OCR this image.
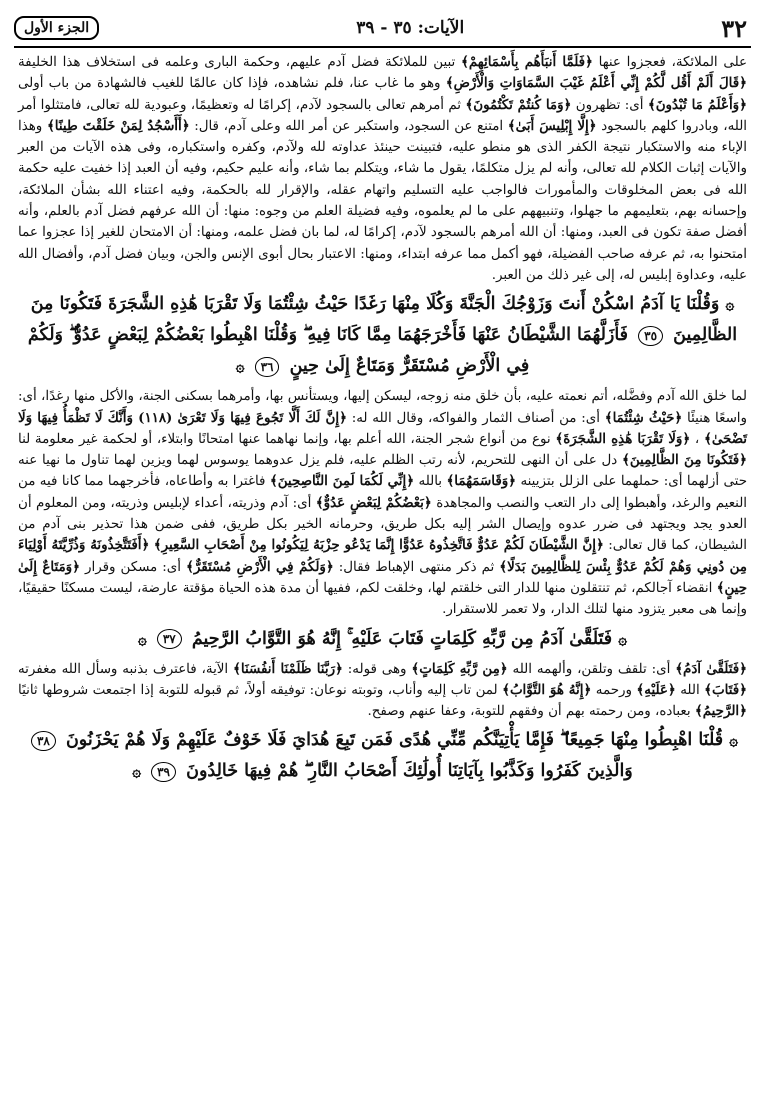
٣٢
الآيات: ٣٥ - ٣٩
الجزء الأول
على الملائكة، فعجزوا عنها ﴿فَلَمَّا أَنبَأَهُم بِأَسْمَائِهِمْ﴾ تبين للملائكة فضل آدم عليهم، وحكمة البارى وعلمه فى استخلاف هذا الخليفة ﴿قَالَ أَلَمْ أَقُل لَّكُمْ إِنِّي أَعْلَمُ غَيْبَ السَّمَاوَاتِ وَالْأَرْضِ﴾ وهو ما غاب عنا، فلم نشاهده، فإذا كان عالمًا للغيب فالشهادة من باب أولى ﴿وَأَعْلَمُ مَا تُبْدُونَ﴾ أى: تظهرون ﴿وَمَا كُنتُمْ تَكْتُمُونَ﴾ ثم أمرهم تعالى بالسجود لآدم، إكرامًا له وتعظيمًا، وعبودية لله تعالى، فامتثلوا أمر الله، وبادروا كلهم بالسجود ﴿إِلَّا إِبْلِيسَ أَبَىٰ﴾ امتنع عن السجود، واستكبر عن أمر الله وعلى آدم، قال: ﴿أَأَسْجُدُ لِمَنْ خَلَقْتَ طِينًا﴾ وهذا الإباء منه والاستكبار نتيجة الكفر الذى هو منطو عليه، فتبينت حينئذ عداوته لله ولآدم، وكفره واستكباره، وفى هذه الآيات من العبر والآيات إثبات الكلام لله تعالى، وأنه لم يزل متكلمًا، يقول ما شاء، ويتكلم بما شاء، وأنه عليم حكيم، وفيه أن العبد إذا خفيت عليه حكمة الله فى بعض المخلوقات والمأمورات فالواجب عليه التسليم واتهام عقله، والإقرار لله بالحكمة، وفيه اعتناء الله بشأن الملائكة، وإحسانه بهم، بتعليمهم ما جهلوا، وتنبيههم على ما لم يعلموه، وفيه فضيلة العلم من وجوه: منها: أن الله عرفهم فضل آدم بالعلم، وأنه أفضل صفة تكون فى العبد، ومنها: أن الله أمرهم بالسجود لآدم، إكرامًا له، لما بان فضل علمه، ومنها: أن الامتحان للغير إذا عجزوا عما امتحنوا به، ثم عرفه صاحب الفضيلة، فهو أكمل مما عرفه ابتداء، ومنها: الاعتبار بحال أبوى الإنس والجن، وبيان فضل آدم، وأفضال الله عليه، وعداوة إبليس له، إلى غير ذلك من العبر.
۞ وَقُلْنَا يَا آدَمُ اسْكُنْ أَنتَ وَزَوْجُكَ الْجَنَّةَ وَكُلَا مِنْهَا رَغَدًا حَيْثُ شِئْتُمَا وَلَا تَقْرَبَا هَٰذِهِ الشَّجَرَةَ فَتَكُونَا مِنَ الظَّالِمِينَ ٣٥ فَأَزَلَّهُمَا الشَّيْطَانُ عَنْهَا فَأَخْرَجَهُمَا مِمَّا كَانَا فِيهِ ۖ وَقُلْنَا اهْبِطُوا بَعْضُكُمْ لِبَعْضٍ عَدُوٌّ ۖ وَلَكُمْ فِي الْأَرْضِ مُسْتَقَرٌّ وَمَتَاعٌ إِلَىٰ حِينٍ ٣٦ ۞
لما خلق الله آدم وفضَّله، أتم نعمته عليه، بأن خلق منه زوجه، ليسكن إليها، ويستأنس بها، وأمرهما بسكنى الجنة، والأكل منها رغدًا، أى: واسعًا هنيئًا ﴿حَيْثُ شِئْتُمَا﴾ أى: من أصناف الثمار والفواكه، وقال الله له: ﴿إِنَّ لَكَ أَلَّا تَجُوعَ فِيهَا وَلَا تَعْرَىٰ (١١٨) وَأَنَّكَ لَا تَظْمَأُ فِيهَا وَلَا تَضْحَىٰ﴾ ، ﴿وَلَا تَقْرَبَا هَٰذِهِ الشَّجَرَةَ﴾ نوع من أنواع شجر الجنة، الله أعلم بها، وإنما نهاهما عنها امتحانًا وابتلاء، أو لحكمة غير معلومة لنا ﴿فَتَكُونَا مِنَ الظَّالِمِينَ﴾ دل على أن النهى للتحريم، لأنه رتب الظلم عليه، فلم يزل عدوهما يوسوس لهما ويزين لهما تناول ما نهيا عنه حتى أزلهما أى: حملهما على الزلل بتزيينه ﴿وَقَاسَمَهُمَا﴾ بالله ﴿إِنِّي لَكُمَا لَمِنَ النَّاصِحِينَ﴾ فاغترا به وأطاعاه، فأخرجهما مما كانا فيه من النعيم والرغد، وأهبطوا إلى دار التعب والنصب والمجاهدة ﴿بَعْضُكُمْ لِبَعْضٍ عَدُوٌّ﴾ أى: آدم وذريته، أعداء لإبليس وذريته، ومن المعلوم أن العدو يجد ويجتهد فى ضرر عدوه وإيصال الشر إليه بكل طريق، وحرمانه الخير بكل طريق، ففى ضمن هذا تحذير بنى آدم من الشيطان، كما قال تعالى: ﴿إِنَّ الشَّيْطَانَ لَكُمْ عَدُوٌّ فَاتَّخِذُوهُ عَدُوًّا إِنَّمَا يَدْعُو حِزْبَهُ لِيَكُونُوا مِنْ أَصْحَابِ السَّعِيرِ﴾ ﴿أَفَتَتَّخِذُونَهُ وَذُرِّيَّتَهُ أَوْلِيَاءَ مِن دُونِي وَهُمْ لَكُمْ عَدُوٌّ بِئْسَ لِلظَّالِمِينَ بَدَلًا﴾ ثم ذكر منتهى الإهباط فقال: ﴿وَلَكُمْ فِي الْأَرْضِ مُسْتَقَرٌّ﴾ أى: مسكن وقرار ﴿وَمَتَاعٌ إِلَىٰ حِينٍ﴾ انقضاء آجالكم، ثم تنتقلون منها للدار التى خلقتم لها، وخلقت لكم، ففيها أن مدة هذه الحياة مؤقتة عارضة، ليست مسكنًا حقيقيًا، وإنما هى معبر يتزود منها لتلك الدار، ولا تعمر للاستقرار.
۞ فَتَلَقَّىٰ آدَمُ مِن رَّبِّهِ كَلِمَاتٍ فَتَابَ عَلَيْهِ ۚ إِنَّهُ هُوَ التَّوَّابُ الرَّحِيمُ ٣٧ ۞
﴿فَتَلَقَّىٰ آدَمُ﴾ أى: تلقف وتلقن، وألهمه الله ﴿مِن رَّبِّهِ كَلِمَاتٍ﴾ وهى قوله: ﴿رَبَّنَا ظَلَمْنَا أَنفُسَنَا﴾ الآية، فاعترف بذنبه وسأل الله مغفرته ﴿فَتَابَ﴾ الله ﴿عَلَيْهِ﴾ ورحمه ﴿إِنَّهُ هُوَ التَّوَّابُ﴾ لمن تاب إليه وأناب، وتوبته نوعان: توفيقه أولاً، ثم قبوله للتوبة إذا اجتمعت شروطها ثانيًا ﴿الرَّحِيمُ﴾ بعباده، ومن رحمته بهم أن وفقهم للتوبة، وعفا عنهم وصفح.
۞ قُلْنَا اهْبِطُوا مِنْهَا جَمِيعًا ۖ فَإِمَّا يَأْتِيَنَّكُم مِّنِّي هُدًى فَمَن تَبِعَ هُدَايَ فَلَا خَوْفٌ عَلَيْهِمْ وَلَا هُمْ يَحْزَنُونَ ٣٨ وَالَّذِينَ كَفَرُوا وَكَذَّبُوا بِآيَاتِنَا أُولَٰئِكَ أَصْحَابُ النَّارِ ۖ هُمْ فِيهَا خَالِدُونَ ٣٩ ۞
